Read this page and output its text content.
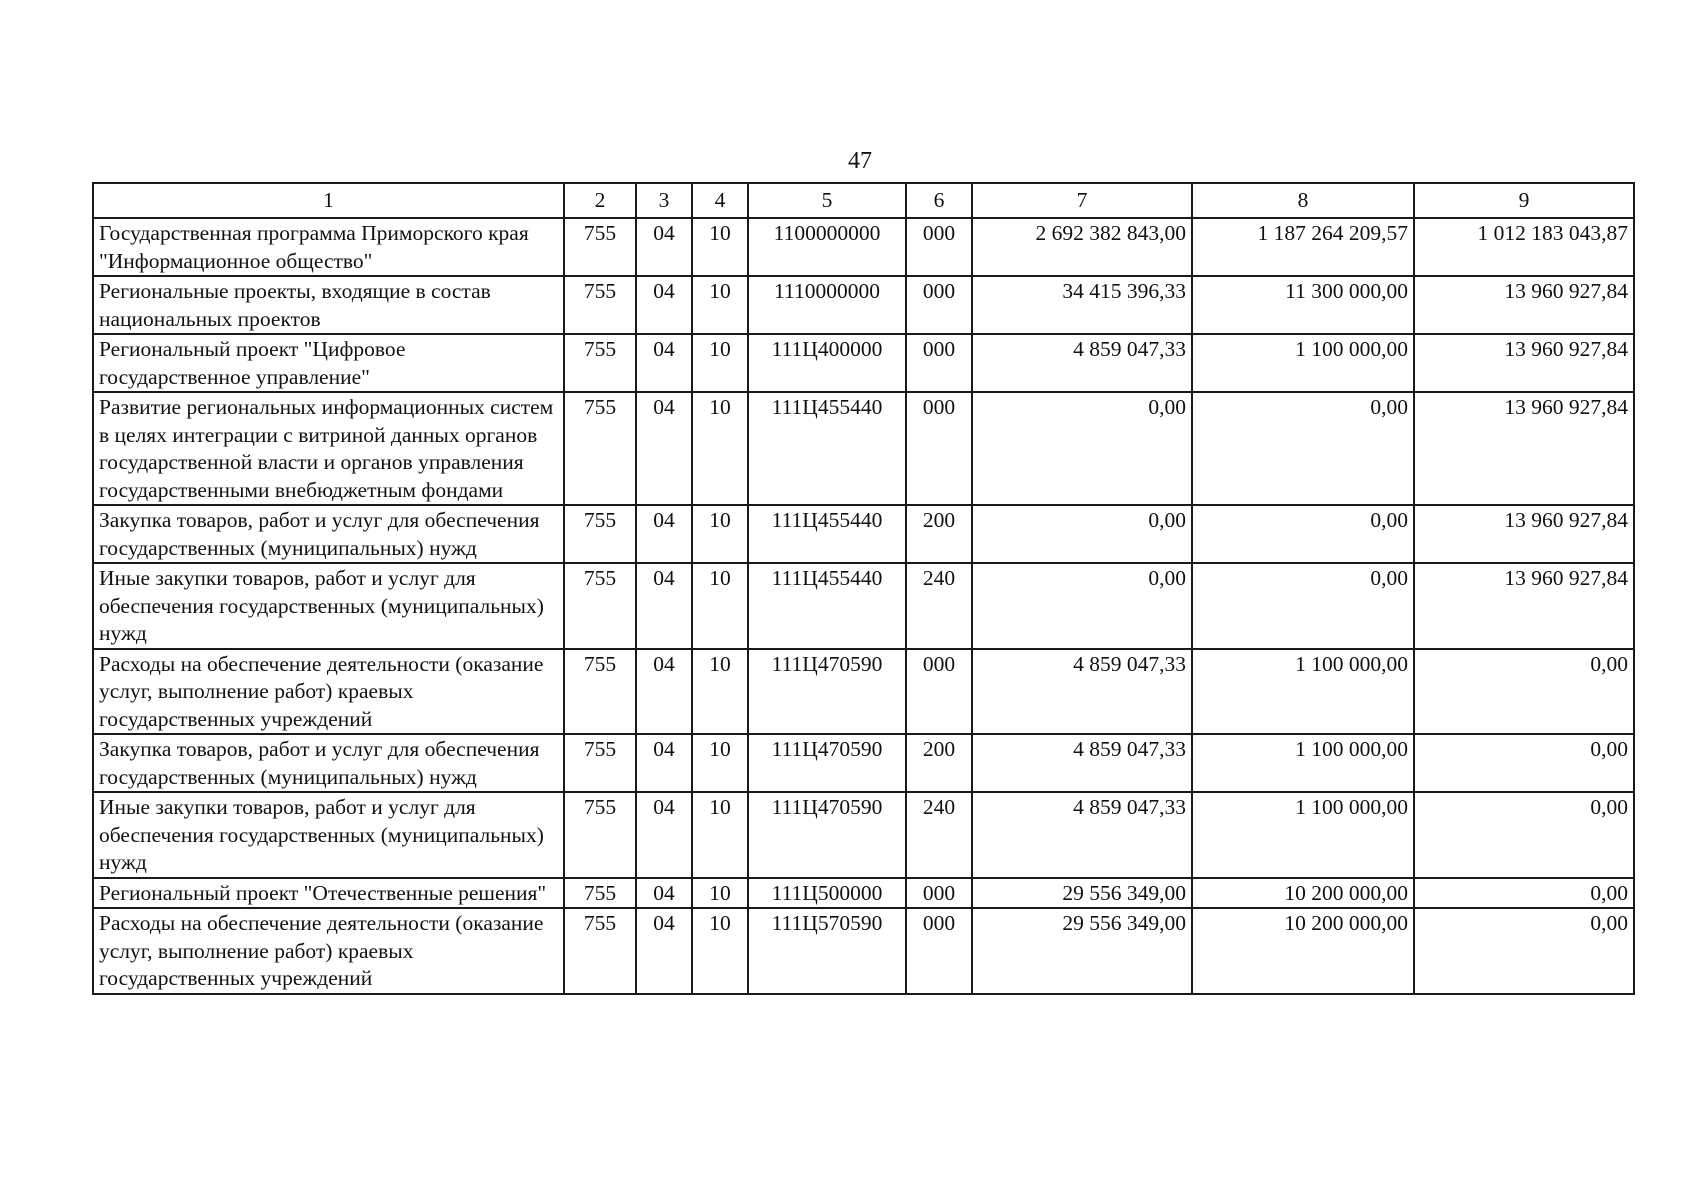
47
1	2	3	4	5	6	7	8	9
Государственная программа Приморского края "Информационное общество"	755	04	10	1100000000	000	2 692 382 843,00	1 187 264 209,57	1 012 183 043,87
Региональные проекты, входящие в состав национальных проектов	755	04	10	1110000000	000	34 415 396,33	11 300 000,00	13 960 927,84
Региональный проект "Цифровое государственное управление"	755	04	10	111Ц400000	000	4 859 047,33	1 100 000,00	13 960 927,84
Развитие региональных информационных систем в целях интеграции с витриной данных органов государственной власти и органов управления государственными внебюджетным фондами	755	04	10	111Ц455440	000	0,00	0,00	13 960 927,84
Закупка товаров, работ и услуг для обеспечения государственных (муниципальных) нужд	755	04	10	111Ц455440	200	0,00	0,00	13 960 927,84
Иные закупки товаров, работ и услуг для обеспечения государственных (муниципальных) нужд	755	04	10	111Ц455440	240	0,00	0,00	13 960 927,84
Расходы на обеспечение деятельности (оказание услуг, выполнение работ) краевых государственных учреждений	755	04	10	111Ц470590	000	4 859 047,33	1 100 000,00	0,00
Закупка товаров, работ и услуг для обеспечения государственных (муниципальных) нужд	755	04	10	111Ц470590	200	4 859 047,33	1 100 000,00	0,00
Иные закупки товаров, работ и услуг для обеспечения государственных (муниципальных) нужд	755	04	10	111Ц470590	240	4 859 047,33	1 100 000,00	0,00
Региональный проект "Отечественные решения"	755	04	10	111Ц500000	000	29 556 349,00	10 200 000,00	0,00
Расходы на обеспечение деятельности (оказание услуг, выполнение работ) краевых государственных учреждений	755	04	10	111Ц570590	000	29 556 349,00	10 200 000,00	0,00
